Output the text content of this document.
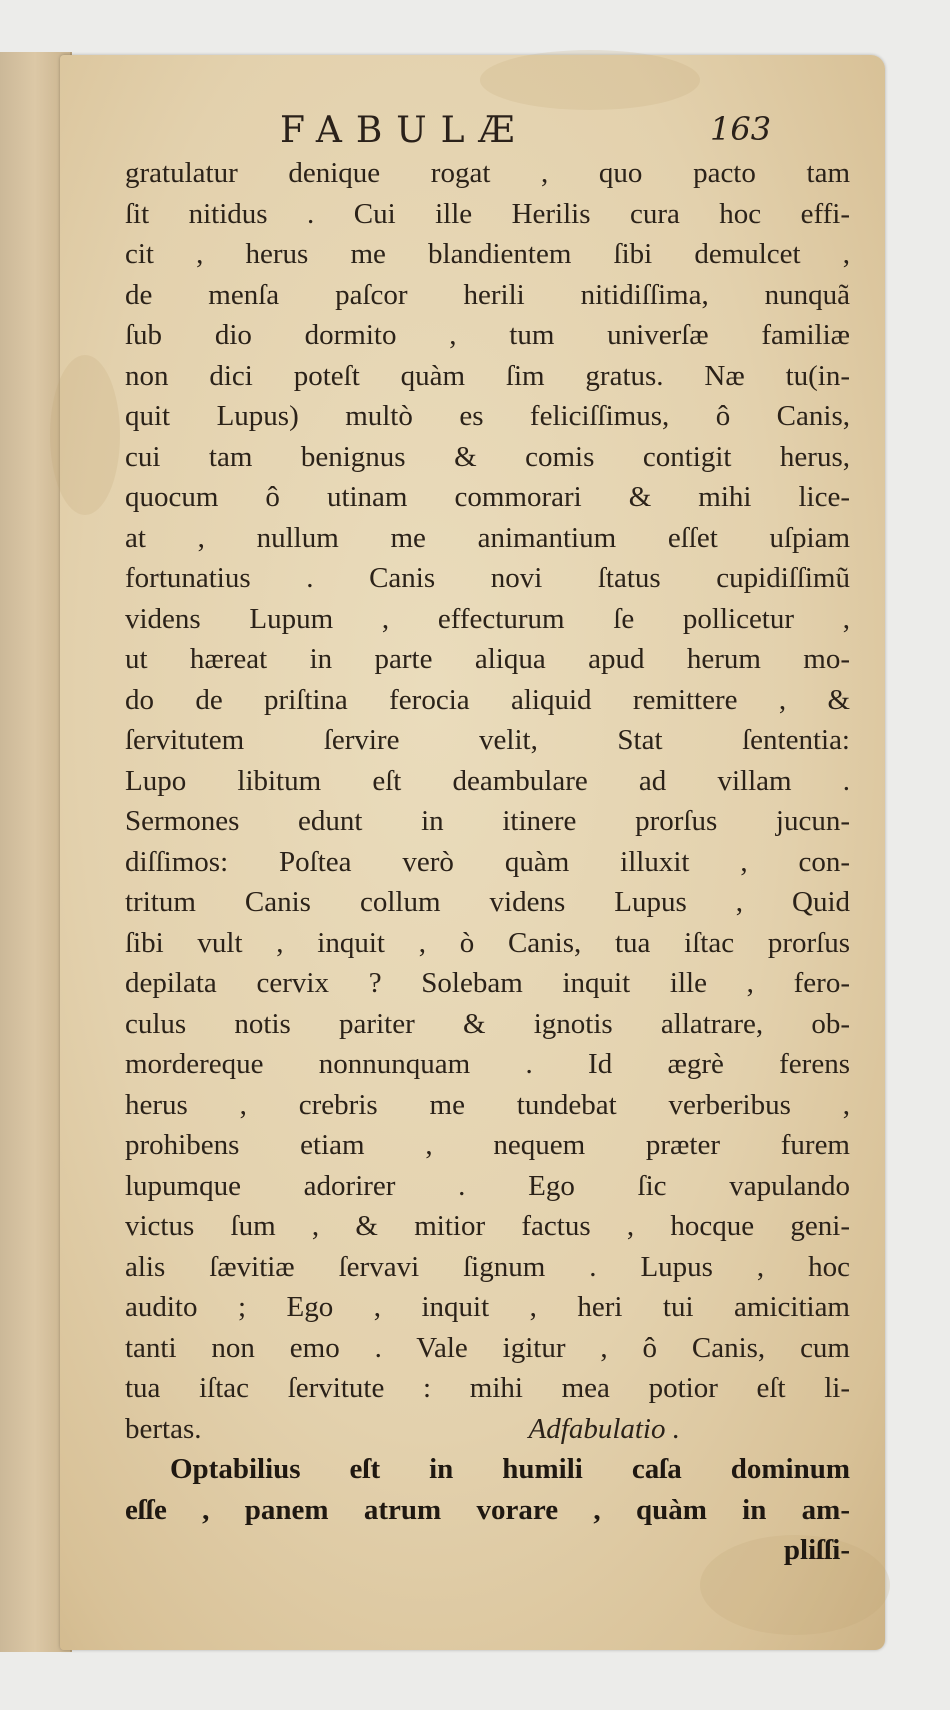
FABULÆ	163
gratulatur denique rogat , quo pacto tam
ſit nitidus . Cui ille Herilis cura hoc effi-
cit , herus me blandientem ſibi demulcet ,
de menſa paſcor herili nitidiſſima, nunquã
ſub dio dormito , tum univerſæ familiæ
non dici poteſt quàm ſim gratus. Næ tu(in-
quit Lupus) multò es feliciſſimus, ô Canis,
cui tam benignus & comis contigit herus,
quocum ô utinam commorari & mihi lice-
at , nullum me animantium eſſet uſpiam
fortunatius . Canis novi ſtatus cupidiſſimũ
videns Lupum , effecturum ſe pollicetur ,
ut hæreat in parte aliqua apud herum mo-
do de priſtina ferocia aliquid remittere , &
ſervitutem ſervire velit, Stat ſententia:
Lupo libitum eſt deambulare ad villam .
Sermones edunt in itinere prorſus jucun-
diſſimos: Poſtea verò quàm illuxit , con-
tritum Canis collum videns Lupus , Quid
ſibi vult , inquit , ò Canis, tua iſtac prorſus
depilata cervix ? Solebam inquit ille , fero-
culus notis pariter & ignotis allatrare, ob-
mordereque nonnunquam . Id ægrè ferens
herus , crebris me tundebat verberibus ,
prohibens etiam , nequem præter furem
lupumque adorirer . Ego ſic vapulando
victus ſum , & mitior factus , hocque geni-
alis ſævitiæ ſervavi ſignum . Lupus , hoc
audito ; Ego , inquit , heri tui amicitiam
tanti non emo . Vale igitur , ô Canis, cum
tua iſtac ſervitute : mihi mea potior eſt li-
bertas.	Adfabulatio .
Optabilius eſt in humili caſa dominum
eſſe , panem atrum vorare , quàm in am-
pliſſi-
